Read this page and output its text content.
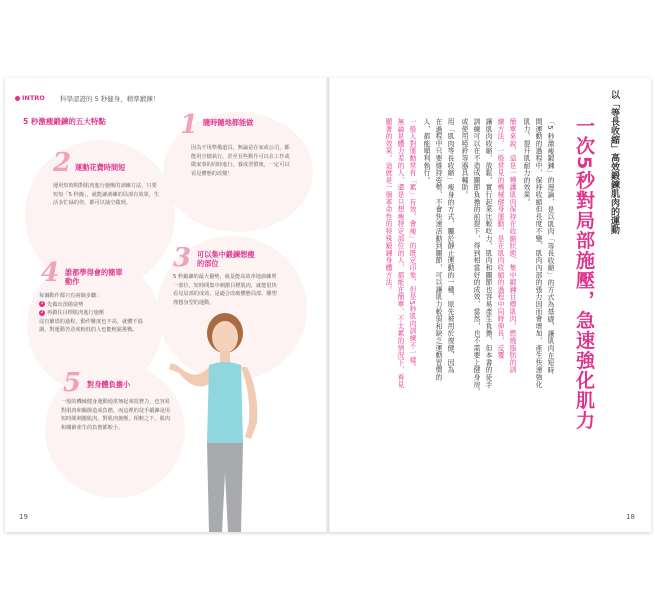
INTRO 科學認證的 5 秒健身，精準鍛鍊！
5 秒激瘦鍛鍊的五大特點	1 隨時隨地都能做
因為不用準備道具，無論是在家或公司，都能用空檔執行。甚至有些動作可以在工作或做家事的同時進行，養成習慣後，一定可以看見體態的改變！
2 運動花費時間短
運用短時間對肌肉進行施壓的訓練方法，只要短短「5 秒鐘」，就能讓訓練的局部有效果，生活多忙碌的你，都可以抽空做到。
3 可以集中鍛鍊想瘦的部位
5 秒鍛鍊的最大優勢，就是能高效率地訓練單一部位，短時間集中刺激目標肌肉，就能很快看見局部的成效，是適合改破體態局部、雕塑理想身型的運動。
4 誰都學得會的簡單動作
每個動作都只有兩個步驟：
1 先做出預備姿勢
2 再鎖住目標肌肉進行施壓
沒有繁瑣的過程，動作難度也不高，就體不協調，對運動苦惡度較低的人也能輕鬆挑戰。
5 對身體負擔小
一般的機械健身運動通常無起來很費力，也容易對肌肉和關節造成負擔，而這裡的徒手鍛鍊是用短時間刺激肌肉，對肌肉施壓，相較之下，肌肉和關節產生的負擔都較小。
19
以「等長收縮」高效鍛鍊肌肉的運動
一次5秒對局部施壓，急速強化肌力
「5 秒激瘦鍛鍊」的理論，是以肌肉「等長收縮」的方式為基礎，讓肌肉在短時
間運動的過程中，保持收縮但長度不變，肌肉內部的張力因而會增加，產生快速強化
肌力、提升肌耐力的效果。
簡單來說，這是一種讓肌肉保持在收縮狀態，集中鍛鍊目標肌肉，燃燒脂肪的訓
練方法。一般常見的機械健身運動，是在肌肉收縮的過程中同時伸長，反覆
讓肌肉收縮、放鬆，實行起來比較吃力，肌肉和關節也容易產生負擔，但本書的徒手
訓練可以在不造成關節負擔的前提下，得到相當好的成效，當然，也不需要上健身房，
或使用啞鈴等器具輔助。
用「肌肉等長收縮」瘦身的方式，屬於靜止運動的一種，原先被用於復健，因為
在過程中只要維持姿勢，不會快速活動到關節，可以讓肌力較弱和缺乏運動習慣的
人，都能順利執行。
一般人對運動常有「累」有效，會瘦」的既定印象，但是5秒肌肉訓練不一樣。
無論是體力差的人，還是只想瘦特定部位的人，都能在簡單、不太累的情況下，看見
顯著的效果，這就是一個革命性的特殊鍛鍊身體方法。
18
